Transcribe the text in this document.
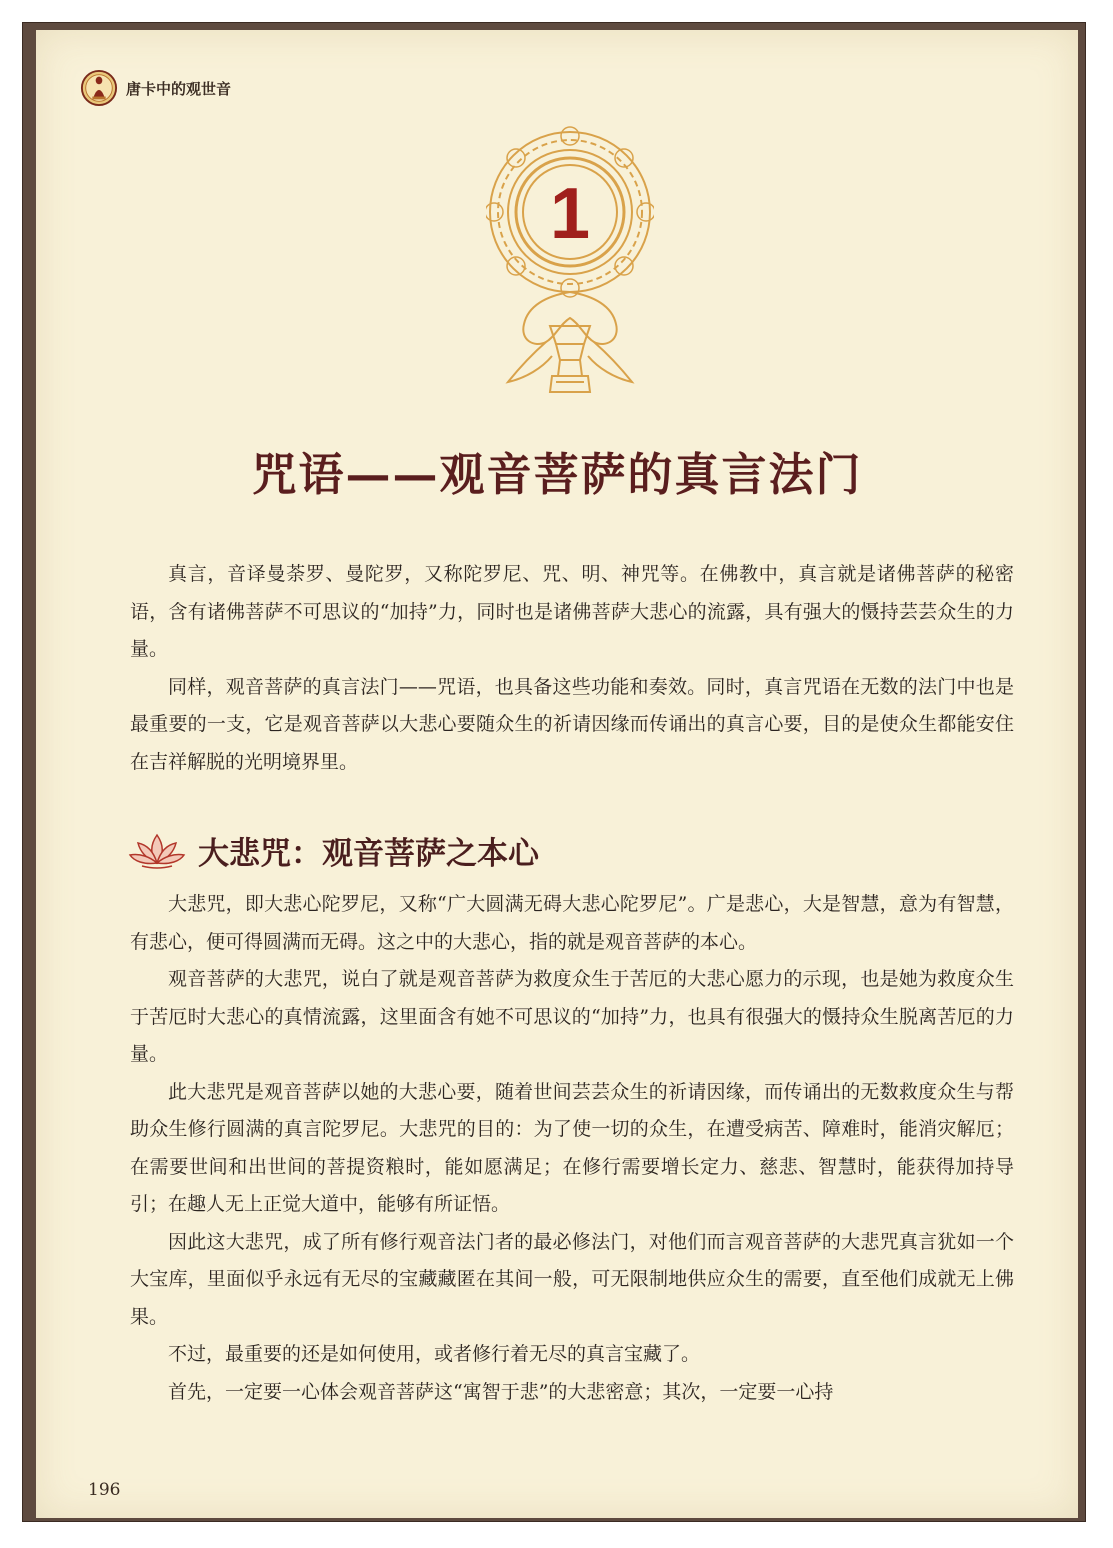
唐卡中的观世音
1
咒语——观音菩萨的真言法门

真言，音译曼荼罗、曼陀罗，又称陀罗尼、咒、明、神咒等。在佛教中，真言就是诸佛菩萨的秘密语，含有诸佛菩萨不可思议的“加持”力，同时也是诸佛菩萨大悲心的流露，具有强大的慑持芸芸众生的力量。

同样，观音菩萨的真言法门——咒语，也具备这些功能和奏效。同时，真言咒语在无数的法门中也是最重要的一支，它是观音菩萨以大悲心要随众生的祈请因缘而传诵出的真言心要，目的是使众生都能安住在吉祥解脱的光明境界里。

大悲咒：观音菩萨之本心

大悲咒，即大悲心陀罗尼，又称“广大圆满无碍大悲心陀罗尼”。广是悲心，大是智慧，意为有智慧，有悲心，便可得圆满而无碍。这之中的大悲心，指的就是观音菩萨的本心。

观音菩萨的大悲咒，说白了就是观音菩萨为救度众生于苦厄的大悲心愿力的示现，也是她为救度众生于苦厄时大悲心的真情流露，这里面含有她不可思议的“加持”力，也具有很强大的慑持众生脱离苦厄的力量。

此大悲咒是观音菩萨以她的大悲心要，随着世间芸芸众生的祈请因缘，而传诵出的无数救度众生与帮助众生修行圆满的真言陀罗尼。大悲咒的目的：为了使一切的众生，在遭受病苦、障难时，能消灾解厄；在需要世间和出世间的菩提资粮时，能如愿满足；在修行需要增长定力、慈悲、智慧时，能获得加持导引；在趣人无上正觉大道中，能够有所证悟。

因此这大悲咒，成了所有修行观音法门者的最必修法门，对他们而言观音菩萨的大悲咒真言犹如一个大宝库，里面似乎永远有无尽的宝藏藏匿在其间一般，可无限制地供应众生的需要，直至他们成就无上佛果。

不过，最重要的还是如何使用，或者修行着无尽的真言宝藏了。

首先，一定要一心体会观音菩萨这“寓智于悲”的大悲密意；其次，一定要一心持

196
